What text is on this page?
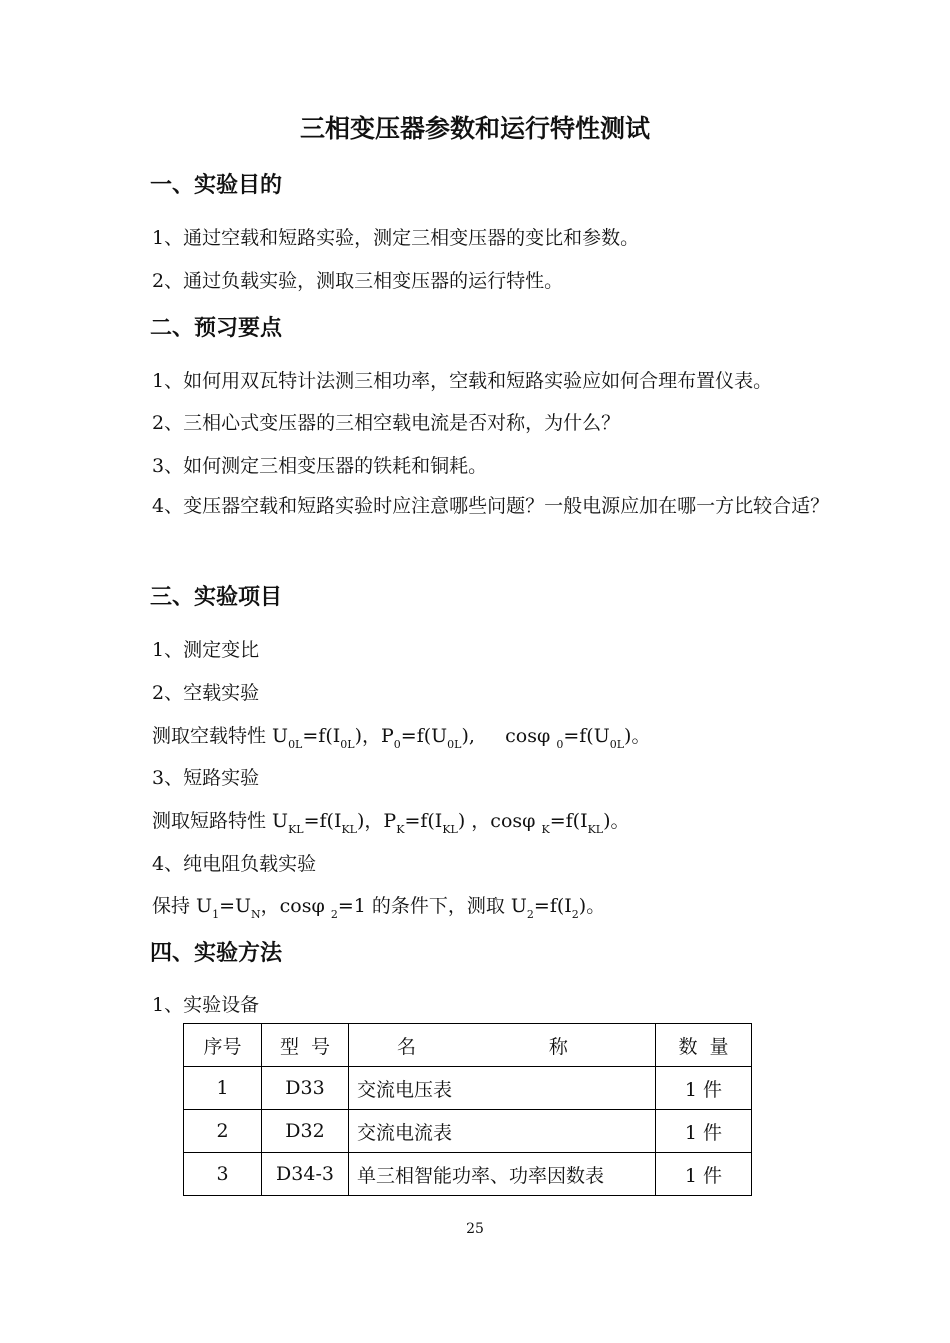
三相变压器参数和运行特性测试
一、实验目的
1、通过空载和短路实验，测定三相变压器的变比和参数。
2、通过负载实验，测取三相变压器的运行特性。
二、预习要点
1、如何用双瓦特计法测三相功率，空载和短路实验应如何合理布置仪表。
2、三相心式变压器的三相空载电流是否对称，为什么？
3、如何测定三相变压器的铁耗和铜耗。
4、变压器空载和短路实验时应注意哪些问题？一般电源应加在哪一方比较合适？
三、实验项目
1、测定变比
2、空载实验
测取空载特性 $U_{0L}=f(I_{0L})$，$P_0=f(U_{0L})$, cosφ $_0=f(U_{0L})$。
3、短路实验
测取短路特性 $U_{KL}=f(I_{KL})$，$P_K=f(I_{KL})$ ，cosφ $_K=f(I_{KL})$。
4、纯电阻负载实验
保持 $U_1=U_N$，cosφ $_2$=1 的条件下，测取 $U_2=f(I_2)$。
四、实验方法
1、实验设备
序号	型  号	名                      称	数  量
1	D33	交流电压表	1 件
2	D32	交流电流表	1 件
3	D34-3	单三相智能功率、功率因数表	1 件
25
